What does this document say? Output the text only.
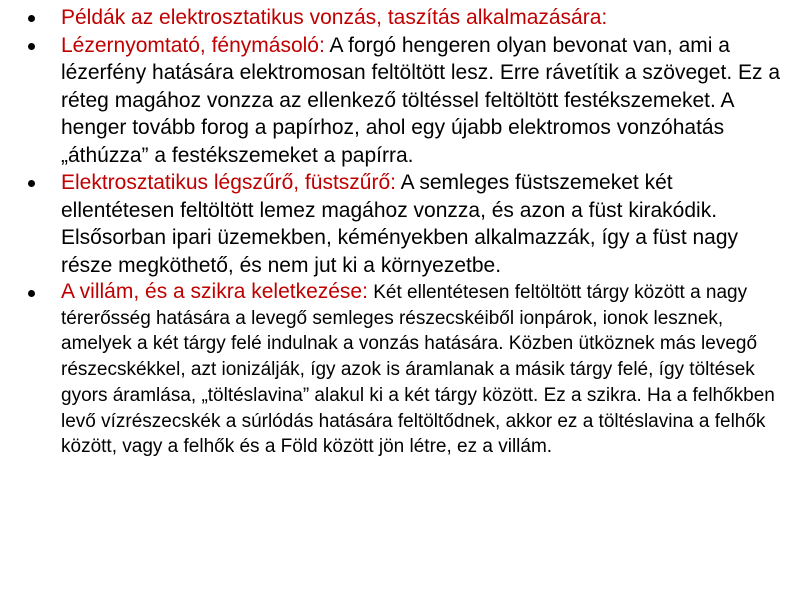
Példák az elektrosztatikus vonzás, taszítás alkalmazására:
Lézernyomtató, fénymásoló: A forgó hengeren olyan bevonat van, ami a lézerfény hatására elektromosan feltöltött lesz. Erre rávetítik a szöveget. Ez a réteg magához vonzza az ellenkező töltéssel feltöltött festékszemeket. A henger tovább forog a papírhoz, ahol egy újabb elektromos vonzóhatás „áthúzza” a festékszemeket a papírra.
Elektrosztatikus légszűrő, füstszűrő: A semleges füstszemeket két ellentétesen feltöltött lemez magához vonzza, és azon a füst kirakódik. Elsősorban ipari üzemekben, kéményekben alkalmazzák, így a füst nagy része megköthető, és nem jut ki a környezetbe.
A villám, és a szikra keletkezése: Két ellentétesen feltöltött tárgy között a nagy térerősség hatására a levegő semleges részecskéiből ionpárok, ionok lesznek, amelyek a két tárgy felé indulnak a vonzás hatására. Közben ütköznek más levegő részecskékkel, azt ionizálják, így azok is áramlanak a másik tárgy felé, így töltések gyors áramlása, „töltéslavina” alakul ki a két tárgy között. Ez a szikra. Ha a felhőkben levő vízrészecskék a súrlódás hatására feltöltődnek, akkor ez a töltéslavina a felhők között, vagy a felhők és a Föld között jön létre, ez a villám.
